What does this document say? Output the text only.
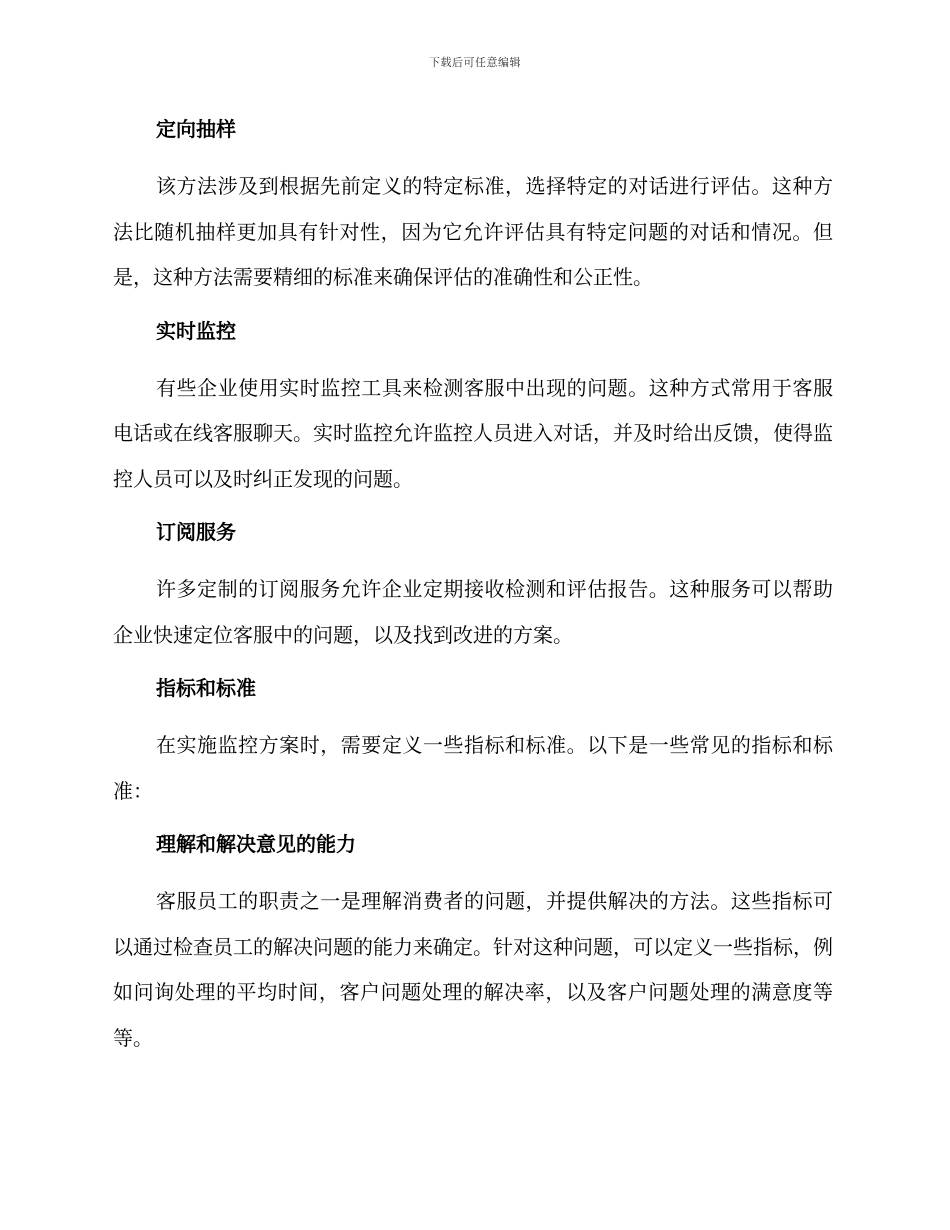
下载后可任意编辑

定向抽样

该方法涉及到根据先前定义的特定标准，选择特定的对话进行评估。这种方法比随机抽样更加具有针对性，因为它允许评估具有特定问题的对话和情况。但是，这种方法需要精细的标准来确保评估的准确性和公正性。

实时监控

有些企业使用实时监控工具来检测客服中出现的问题。这种方式常用于客服电话或在线客服聊天。实时监控允许监控人员进入对话，并及时给出反馈，使得监控人员可以及时纠正发现的问题。

订阅服务

许多定制的订阅服务允许企业定期接收检测和评估报告。这种服务可以帮助企业快速定位客服中的问题，以及找到改进的方案。

指标和标准

在实施监控方案时，需要定义一些指标和标准。以下是一些常见的指标和标准：

理解和解决意见的能力

客服员工的职责之一是理解消费者的问题，并提供解决的方法。这些指标可以通过检查员工的解决问题的能力来确定。针对这种问题，可以定义一些指标，例如问询处理的平均时间，客户问题处理的解决率，以及客户问题处理的满意度等等。
